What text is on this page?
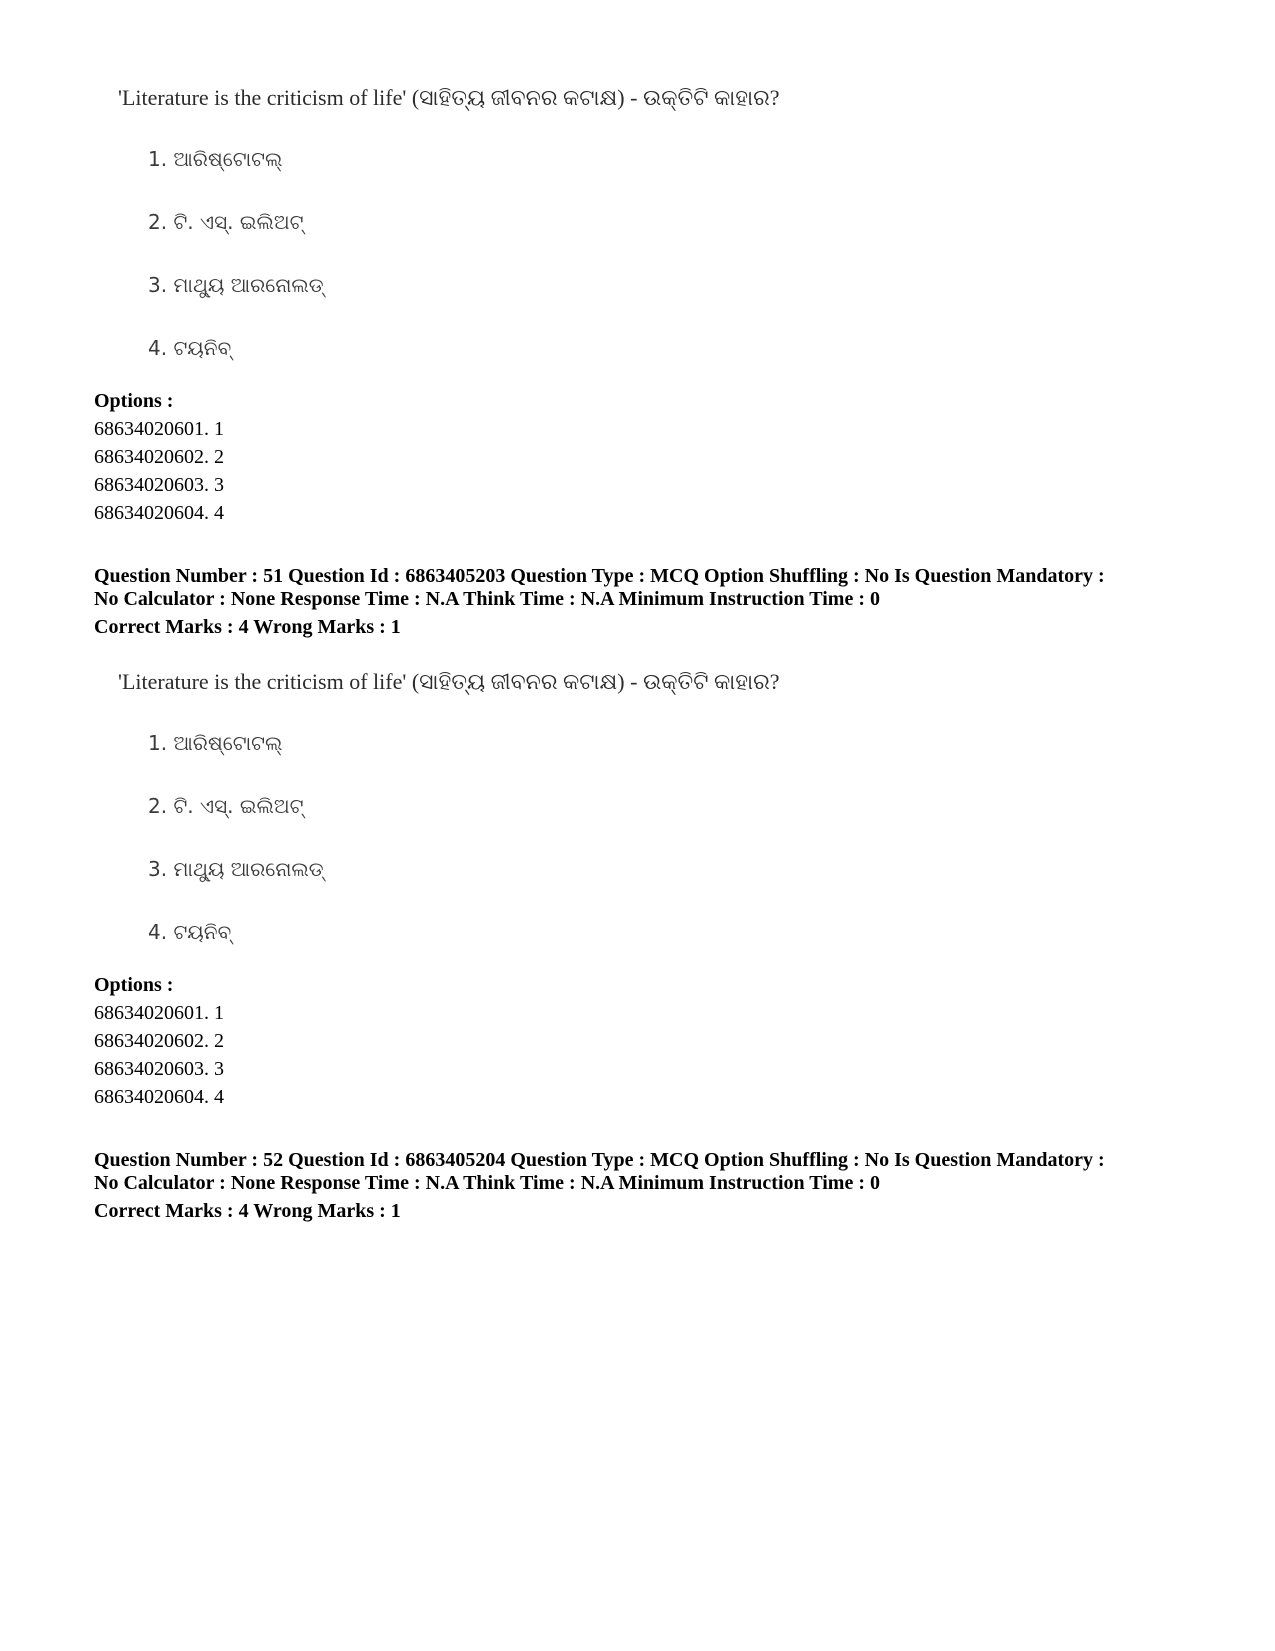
'Literature is the criticism of life' (ସାହିତ୍ୟ ଜୀବନର କଟାକ୍ଷ) - ଉକ୍ତିଟି କାହାର?
1. ଆରିଷ୍ଟୋଟଲ୍
2. ଟି. ଏସ୍. ଇଲିଅଟ୍
3. ମାଥ୍ୟୁ ଆରନୋଲଡ୍
4. ଟୟନିବ୍
Options :
68634020601. 1
68634020602. 2
68634020603. 3
68634020604. 4
Question Number : 51 Question Id : 6863405203 Question Type : MCQ Option Shuffling : No Is Question Mandatory :
No Calculator : None Response Time : N.A Think Time : N.A Minimum Instruction Time : 0
Correct Marks : 4 Wrong Marks : 1
'Literature is the criticism of life' (ସାହିତ୍ୟ ଜୀବନର କଟାକ୍ଷ) - ଉକ୍ତିଟି କାହାର?
1. ଆରିଷ୍ଟୋଟଲ୍
2. ଟି. ଏସ୍. ଇଲିଅଟ୍
3. ମାଥ୍ୟୁ ଆରନୋଲଡ୍
4. ଟୟନିବ୍
Options :
68634020601. 1
68634020602. 2
68634020603. 3
68634020604. 4
Question Number : 52 Question Id : 6863405204 Question Type : MCQ Option Shuffling : No Is Question Mandatory :
No Calculator : None Response Time : N.A Think Time : N.A Minimum Instruction Time : 0
Correct Marks : 4 Wrong Marks : 1
